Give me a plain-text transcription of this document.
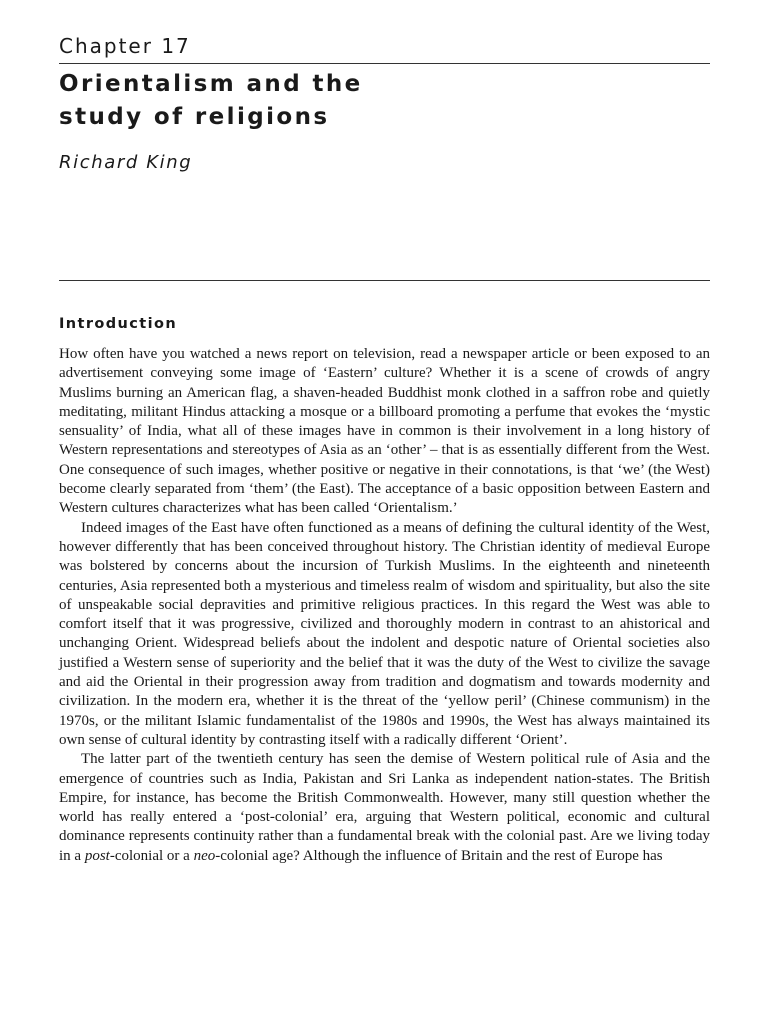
Chapter 17
Orientalism and the
study of religions
Richard King
Introduction

How often have you watched a news report on television, read a newspaper article or been exposed to an advertisement conveying some image of ‘Eastern’ culture? Whether it is a scene of crowds of angry Muslims burning an American flag, a shaven-headed Buddhist monk clothed in a saffron robe and quietly meditating, militant Hindus attacking a mosque or a billboard promoting a perfume that evokes the ‘mystic sensuality’ of India, what all of these images have in common is their involvement in a long history of Western representations and stereotypes of Asia as an ‘other’ – that is as essentially different from the West. One consequence of such images, whether positive or negative in their connotations, is that ‘we’ (the West) become clearly separated from ‘them’ (the East). The acceptance of a basic opposition between Eastern and Western cultures characterizes what has been called ‘Orientalism.’

Indeed images of the East have often functioned as a means of defining the cultural identity of the West, however differently that has been conceived throughout history. The Christian identity of medieval Europe was bolstered by concerns about the incursion of Turkish Muslims. In the eighteenth and nineteenth centuries, Asia represented both a mysterious and timeless realm of wisdom and spirituality, but also the site of unspeakable social depravities and primitive religious practices. In this regard the West was able to comfort itself that it was progressive, civilized and thoroughly modern in contrast to an ahistorical and unchanging Orient. Widespread beliefs about the indolent and despotic nature of Oriental societies also justified a Western sense of superiority and the belief that it was the duty of the West to civilize the savage and aid the Oriental in their progression away from tradition and dogmatism and towards modernity and civilization. In the modern era, whether it is the threat of the ‘yellow peril’ (Chinese communism) in the 1970s, or the militant Islamic fundamentalist of the 1980s and 1990s, the West has always maintained its own sense of cultural identity by contrasting itself with a radically different ‘Orient’.

The latter part of the twentieth century has seen the demise of Western political rule of Asia and the emergence of countries such as India, Pakistan and Sri Lanka as independent nation-states. The British Empire, for instance, has become the British Commonwealth. However, many still question whether the world has really entered a ‘post-colonial’ era, arguing that Western political, economic and cultural dominance represents continuity rather than a fundamental break with the colonial past. Are we living today in a post-colonial or a neo-colonial age? Although the influence of Britain and the rest of Europe has
